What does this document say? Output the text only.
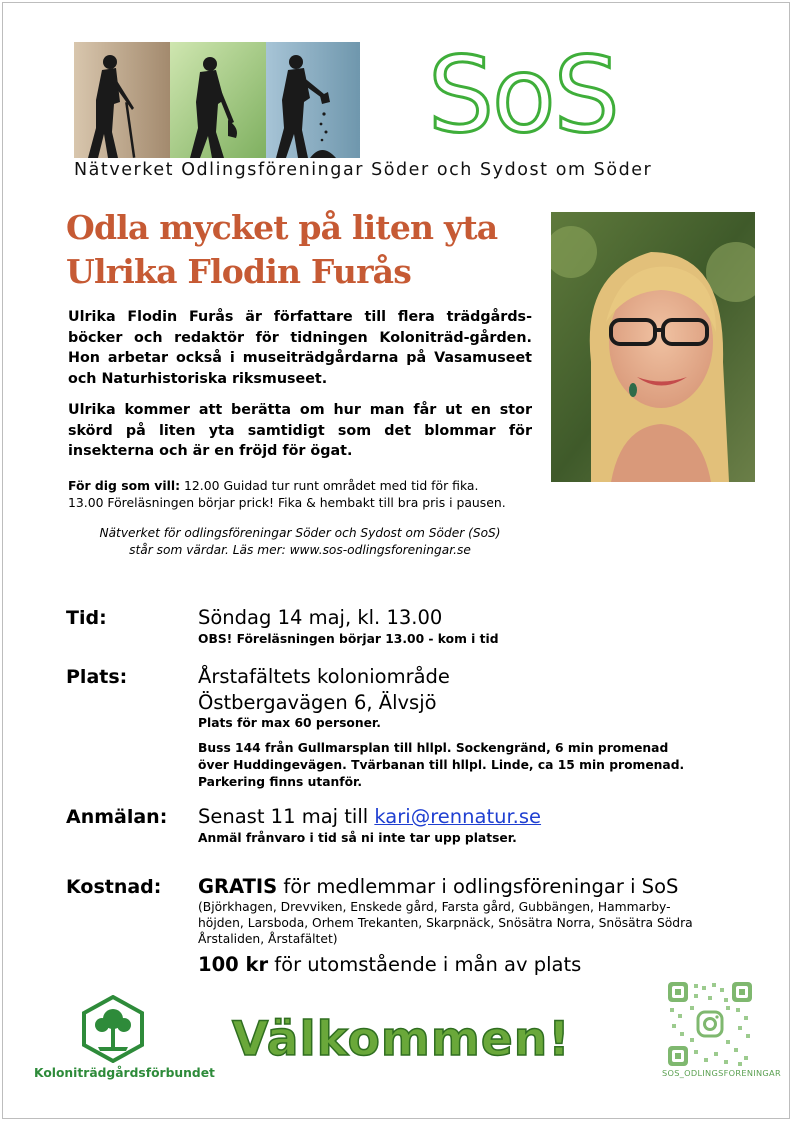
SoS
Nätverket Odlingsföreningar Söder och Sydost om Söder
Odla mycket på liten yta
Ulrika Flodin Furås

Ulrika Flodin Furås är författare till flera trädgårds-böcker och redaktör för tidningen Koloniträd-gården. Hon arbetar också i museiträdgårdarna på Vasamuseet och Naturhistoriska riksmuseet.

Ulrika kommer att berätta om hur man får ut en stor skörd på liten yta samtidigt som det blommar för insekterna och är en fröjd för ögat.

För dig som vill: 12.00 Guidad tur runt området med tid för fika.
13.00 Föreläsningen börjar prick! Fika & hembakt till bra pris i pausen.
Nätverket för odlingsföreningar Söder och Sydost om Söder (SoS)
står som värdar. Läs mer: www.sos-odlingsforeningar.se
Tid:	Söndag 14 maj, kl. 13.00
OBS! Föreläsningen börjar 13.00 - kom i tid
Plats:	Årstafältets koloniområde
Östbergavägen 6, Älvsjö
Plats för max 60 personer.
Buss 144 från Gullmarsplan till hllpl. Sockengränd, 6 min promenad
över Huddingevägen. Tvärbanan till hllpl. Linde, ca 15 min promenad.
Parkering finns utanför.
Anmälan: Senast 11 maj till kari@rennatur.se
Anmäl frånvaro i tid så ni inte tar upp platser.
Kostnad: GRATIS för medlemmar i odlingsföreningar i SoS
(Björkhagen, Drevviken, Enskede gård, Farsta gård, Gubbängen, Hammarby-
höjden, Larsboda, Orhem Trekanten, Skarpnäck, Snösätra Norra, Snösätra Södra
Årstaliden, Årstafältet)
100 kr för utomstående i mån av plats
Koloniträdgårdsförbundet
Välkommen!
SOS_ODLINGSFORENINGAR
